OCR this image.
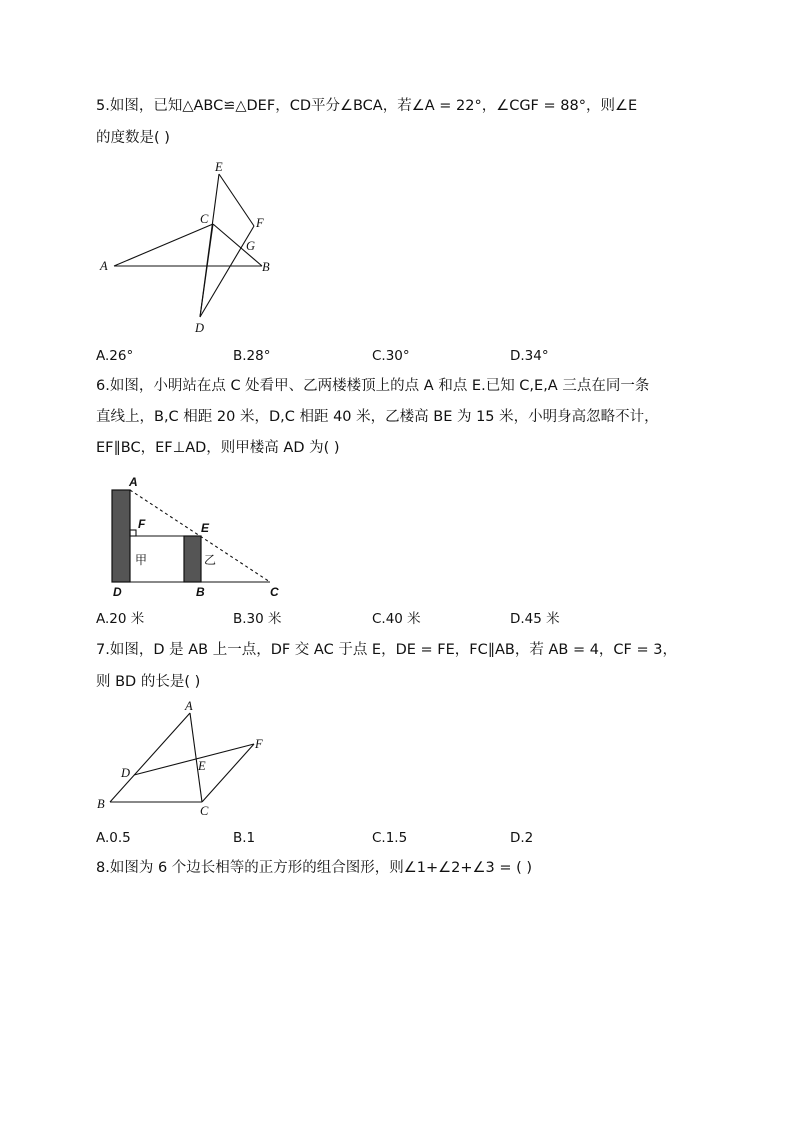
5.如图，已知△ABC≌△DEF，CD平分∠BCA，若∠A = 22°，∠CGF = 88°，则∠E
的度数是( )
E
C	F
G
A	B
D
A.26°	B.28°	C.30°	D.34°
6.如图，小明站在点 C 处看甲、乙两楼楼顶上的点 A 和点 E.已知 C,E,A 三点在同一条
直线上，B,C 相距 20 米，D,C 相距 40 米，乙楼高 BE 为 15 米，小明身高忽略不计，
EF∥BC，EF⊥AD，则甲楼高 AD 为( )
A
F	E
甲	乙
D	B	C
A.20 米	B.30 米	C.40 米	D.45 米
7.如图，D 是 AB 上一点，DF 交 AC 于点 E，DE = FE，FC∥AB，若 AB = 4，CF = 3，
则 BD 的长是( )
A
F
D	E
B	C
A.0.5	B.1	C.1.5	D.2
8.如图为 6 个边长相等的正方形的组合图形，则∠1+∠2+∠3 = ( )
